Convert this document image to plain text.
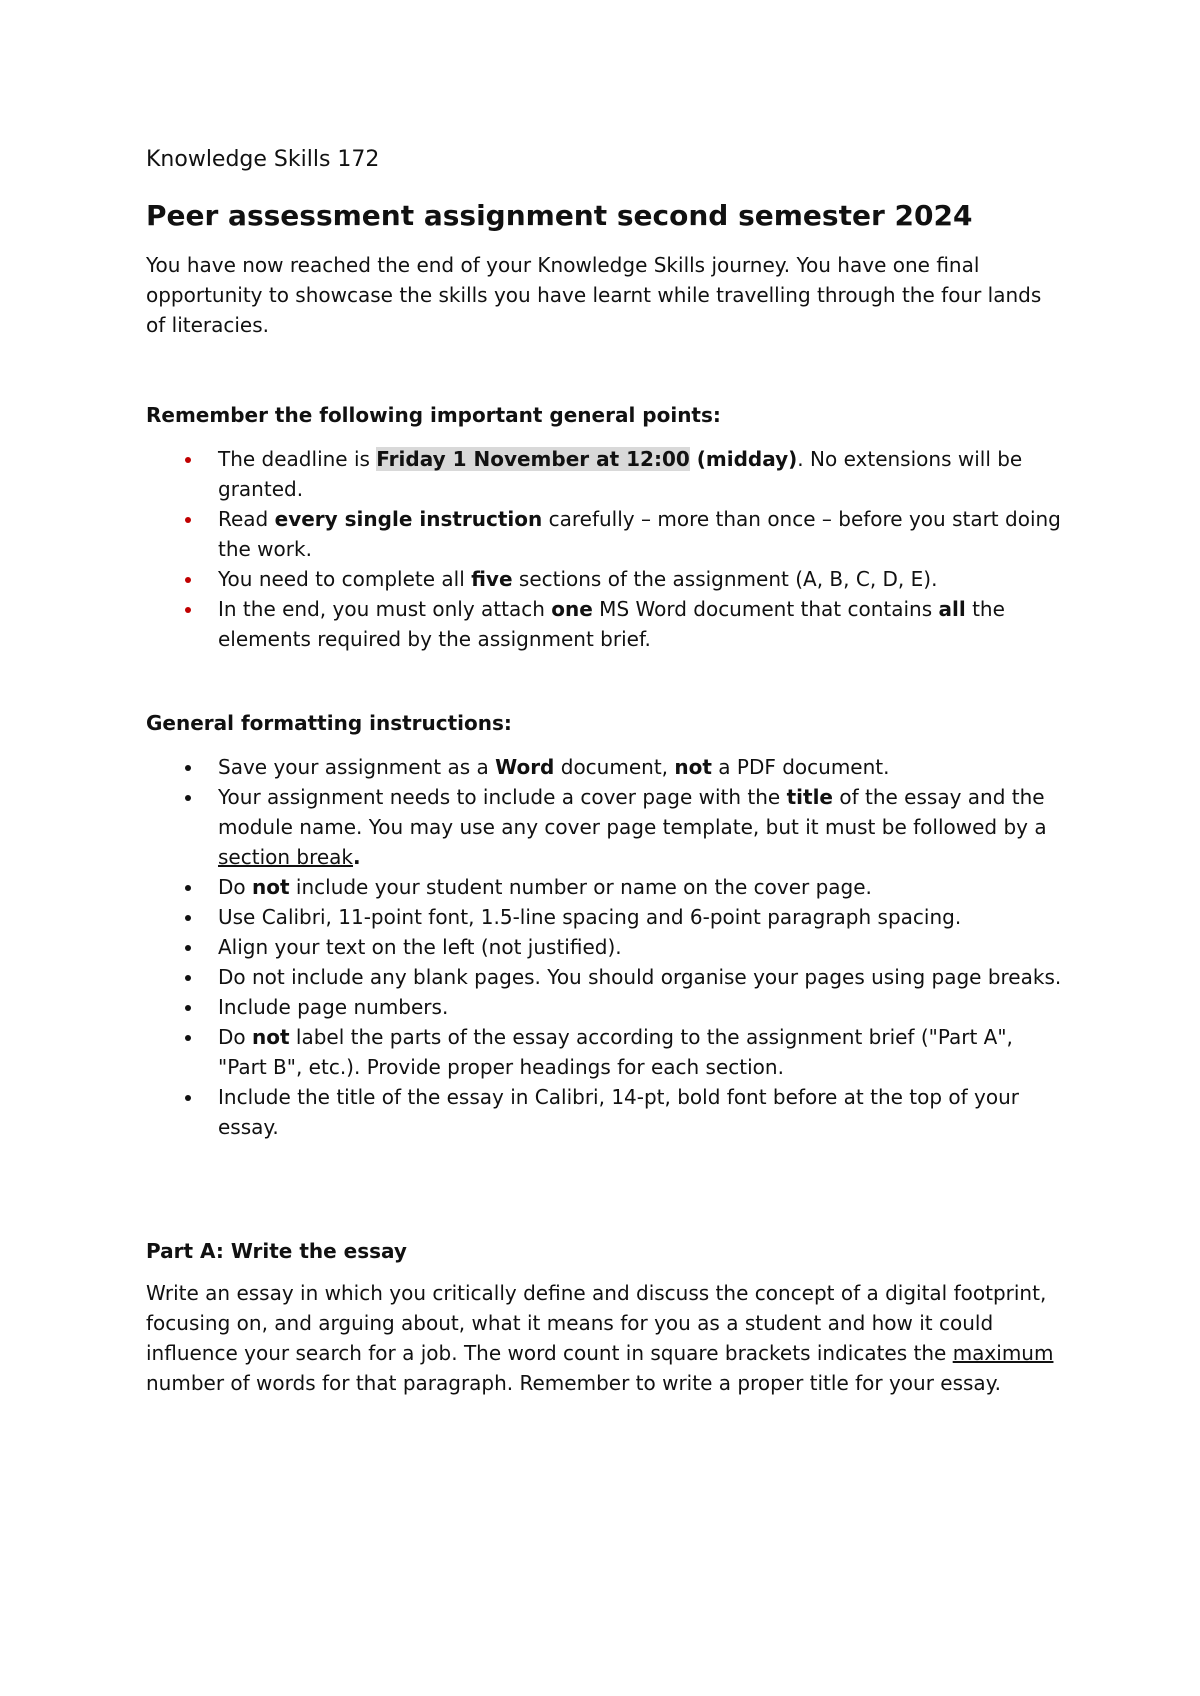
Knowledge Skills 172

Peer assessment assignment second semester 2024

You have now reached the end of your Knowledge Skills journey. You have one final opportunity to showcase the skills you have learnt while travelling through the four lands of literacies.

Remember the following important general points:

The deadline is Friday 1 November at 12:00 (midday). No extensions will be granted.
Read every single instruction carefully – more than once – before you start doing the work.
You need to complete all five sections of the assignment (A, B, C, D, E).
In the end, you must only attach one MS Word document that contains all the elements required by the assignment brief.

General formatting instructions:

Save your assignment as a Word document, not a PDF document.
Your assignment needs to include a cover page with the title of the essay and the module name. You may use any cover page template, but it must be followed by a section break.
Do not include your student number or name on the cover page.
Use Calibri, 11-point font, 1.5-line spacing and 6-point paragraph spacing.
Align your text on the left (not justified).
Do not include any blank pages. You should organise your pages using page breaks.
Include page numbers.
Do not label the parts of the essay according to the assignment brief ("Part A", "Part B", etc.). Provide proper headings for each section.
Include the title of the essay in Calibri, 14-pt, bold font before at the top of your essay.

Part A: Write the essay

Write an essay in which you critically define and discuss the concept of a digital footprint, focusing on, and arguing about, what it means for you as a student and how it could influence your search for a job. The word count in square brackets indicates the maximum number of words for that paragraph. Remember to write a proper title for your essay.
